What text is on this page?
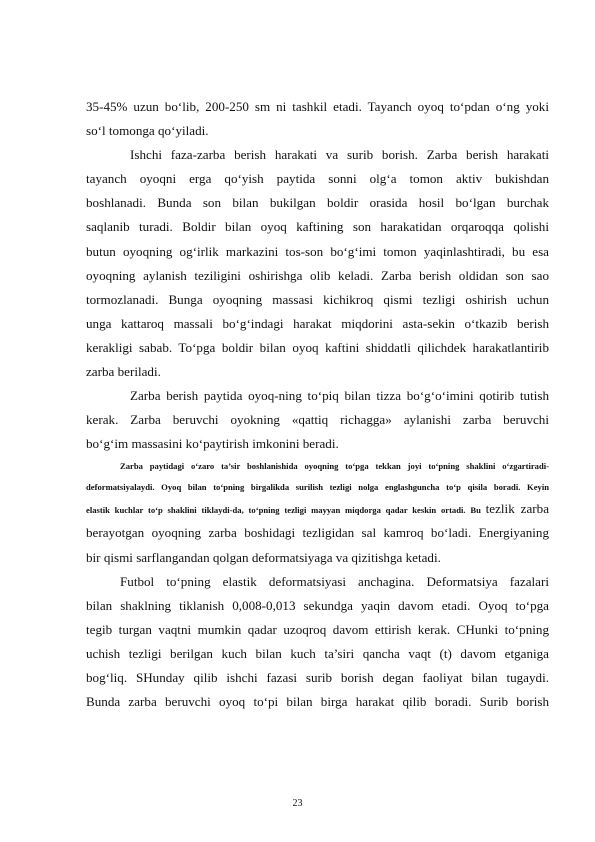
35-45% uzun bo‘lib, 200-250 sm ni tashkil etadi. Tayanch oyoq to‘pdan o‘ng yoki

so‘l tomonga qo‘yiladi.

Ishchi faza-zarba berish harakati va surib borish. Zarba berish harakati

tayanch oyoqni erga qo‘yish paytida sonni olg‘a tomon aktiv bukishdan

boshlanadi. Bunda son bilan bukilgan boldir orasida hosil bo‘lgan burchak

saqlanib turadi. Boldir bilan oyoq kaftining son harakatidan orqaroqqa qolishi

butun oyoqning og‘irlik markazini tos-son bo‘g‘imi tomon yaqinlashtiradi, bu esa

oyoqning aylanish teziligini oshirishga olib keladi. Zarba berish oldidan son sao

tormozlanadi. Bunga oyoqning massasi kichikroq qismi tezligi oshirish uchun

unga kattaroq massali bo‘g‘indagi harakat miqdorini asta-sekin o‘tkazib berish

kerakligi sabab. To‘pga boldir bilan oyoq kaftini shiddatli qilichdek harakatlantirib

zarba beriladi.

Zarba berish paytida oyoq-ning to‘piq bilan tizza bo‘g‘o‘imini qotirib tutish

kerak. Zarba beruvchi oyokning «qattiq richagga» aylanishi zarba beruvchi

bo‘g‘im massasini ko‘paytirish imkonini beradi.

Zarba paytidagi o‘zaro ta’sir boshlanishida oyoqning to‘pga tekkan joyi to‘pning shaklini o‘zgartiradi-

deformatsiyalaydi. Oyoq bilan to‘pning birgalikda surilish tezligi nolga englashguncha to‘p qisila boradi. Keyin

elastik kuchlar to‘p shaklini tiklaydi-da, to‘pning tezligi mayyan miqdorga qadar keskin ortadi. Bu tezlik zarba

berayotgan oyoqning zarba boshidagi tezligidan sal kamroq bo‘ladi. Energiyaning

bir qismi sarflangandan qolgan deformatsiyaga va qizitishga ketadi.

Futbol to‘pning elastik deformatsiyasi anchagina. Deformatsiya fazalari

bilan shaklning tiklanish 0,008-0,013 sekundga yaqin davom etadi. Oyoq to‘pga

tegib turgan vaqtni mumkin qadar uzoqroq davom ettirish kerak. CHunki to‘pning

uchish tezligi berilgan kuch bilan kuch ta’siri qancha vaqt (t) davom etganiga

bog‘liq. SHunday qilib ishchi fazasi surib borish degan faoliyat bilan tugaydi.

Bunda zarba beruvchi oyoq to‘pi bilan birga harakat qilib boradi. Surib borish

23
